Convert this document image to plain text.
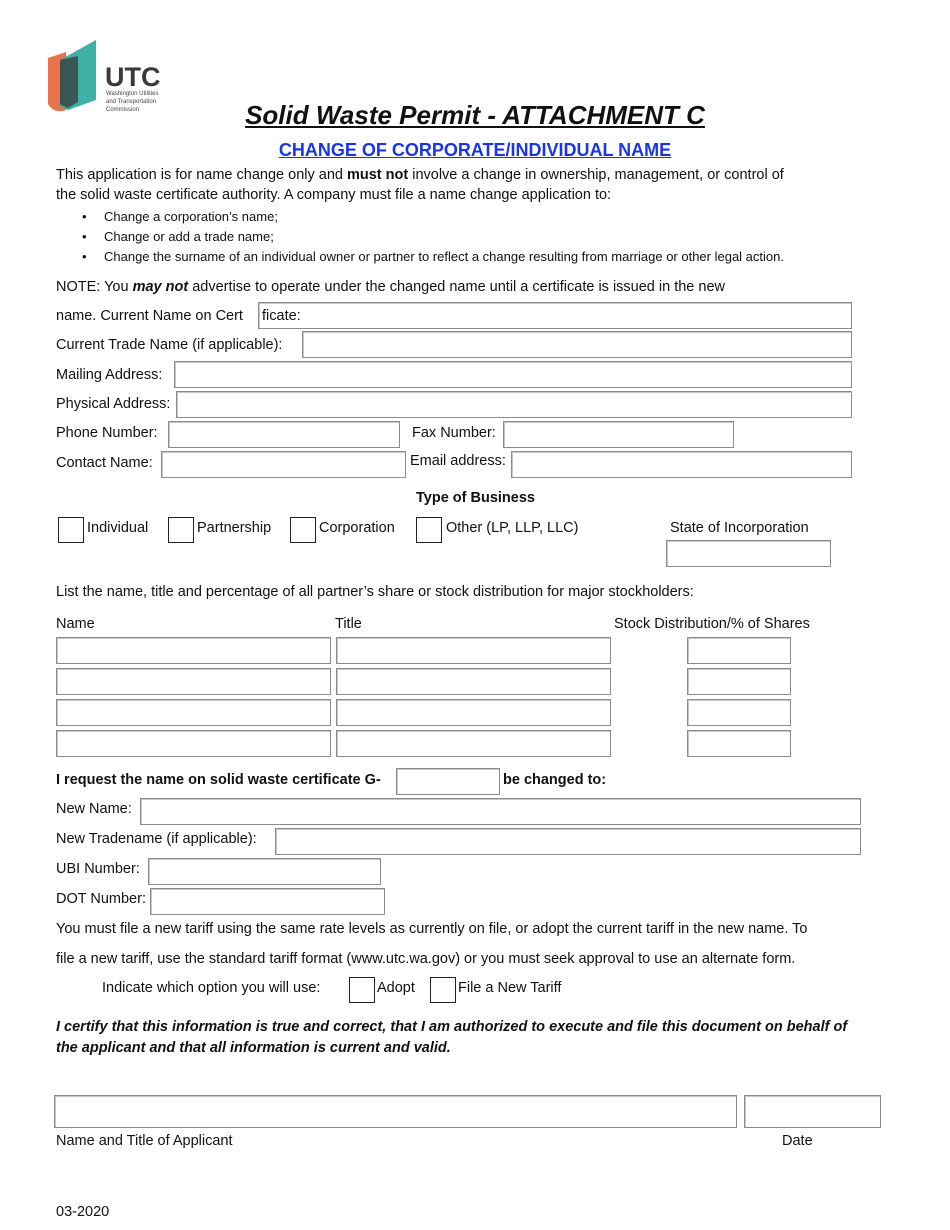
UTC
Washington Utilities
and Transportation
Commission	Solid Waste Permit - ATTACHMENT C
CHANGE OF CORPORATE/INDIVIDUAL NAME
This application is for name change only and must not involve a change in ownership, management, or control of
the solid waste certificate authority. A company must file a name change application to:
• Change a corporation’s name;
• Change or add a trade name;
• Change the surname of an individual owner or partner to reflect a change resulting from marriage or other legal action.
NOTE: You may not advertise to operate under the changed name until a certificate is issued in the new
name. Current Name on Cert ficate:
Current Trade Name (if applicable):
Mailing Address:
Physical Address:
Phone Number:	Fax Number:
Contact Name:	Email address:
Type of Business
Individual	Partnership	Corporation	Other (LP, LLP, LLC)	State of Incorporation
List the name, title and percentage of all partner’s share or stock distribution for major stockholders:
Name	Title	Stock Distribution/% of Shares
I request the name on solid waste certificate G-	be changed to:
New Name:
New Tradename (if applicable):
UBI Number:
DOT Number:
You must file a new tariff using the same rate levels as currently on file, or adopt the current tariff in the new name. To
file a new tariff, use the standard tariff format (www.utc.wa.gov) or you must seek approval to use an alternate form.
Indicate which option you will use:	Adopt	File a New Tariff
I certify that this information is true and correct, that I am authorized to execute and file this document on behalf of
the applicant and that all information is current and valid.
Name and Title of Applicant	Date
03-2020
